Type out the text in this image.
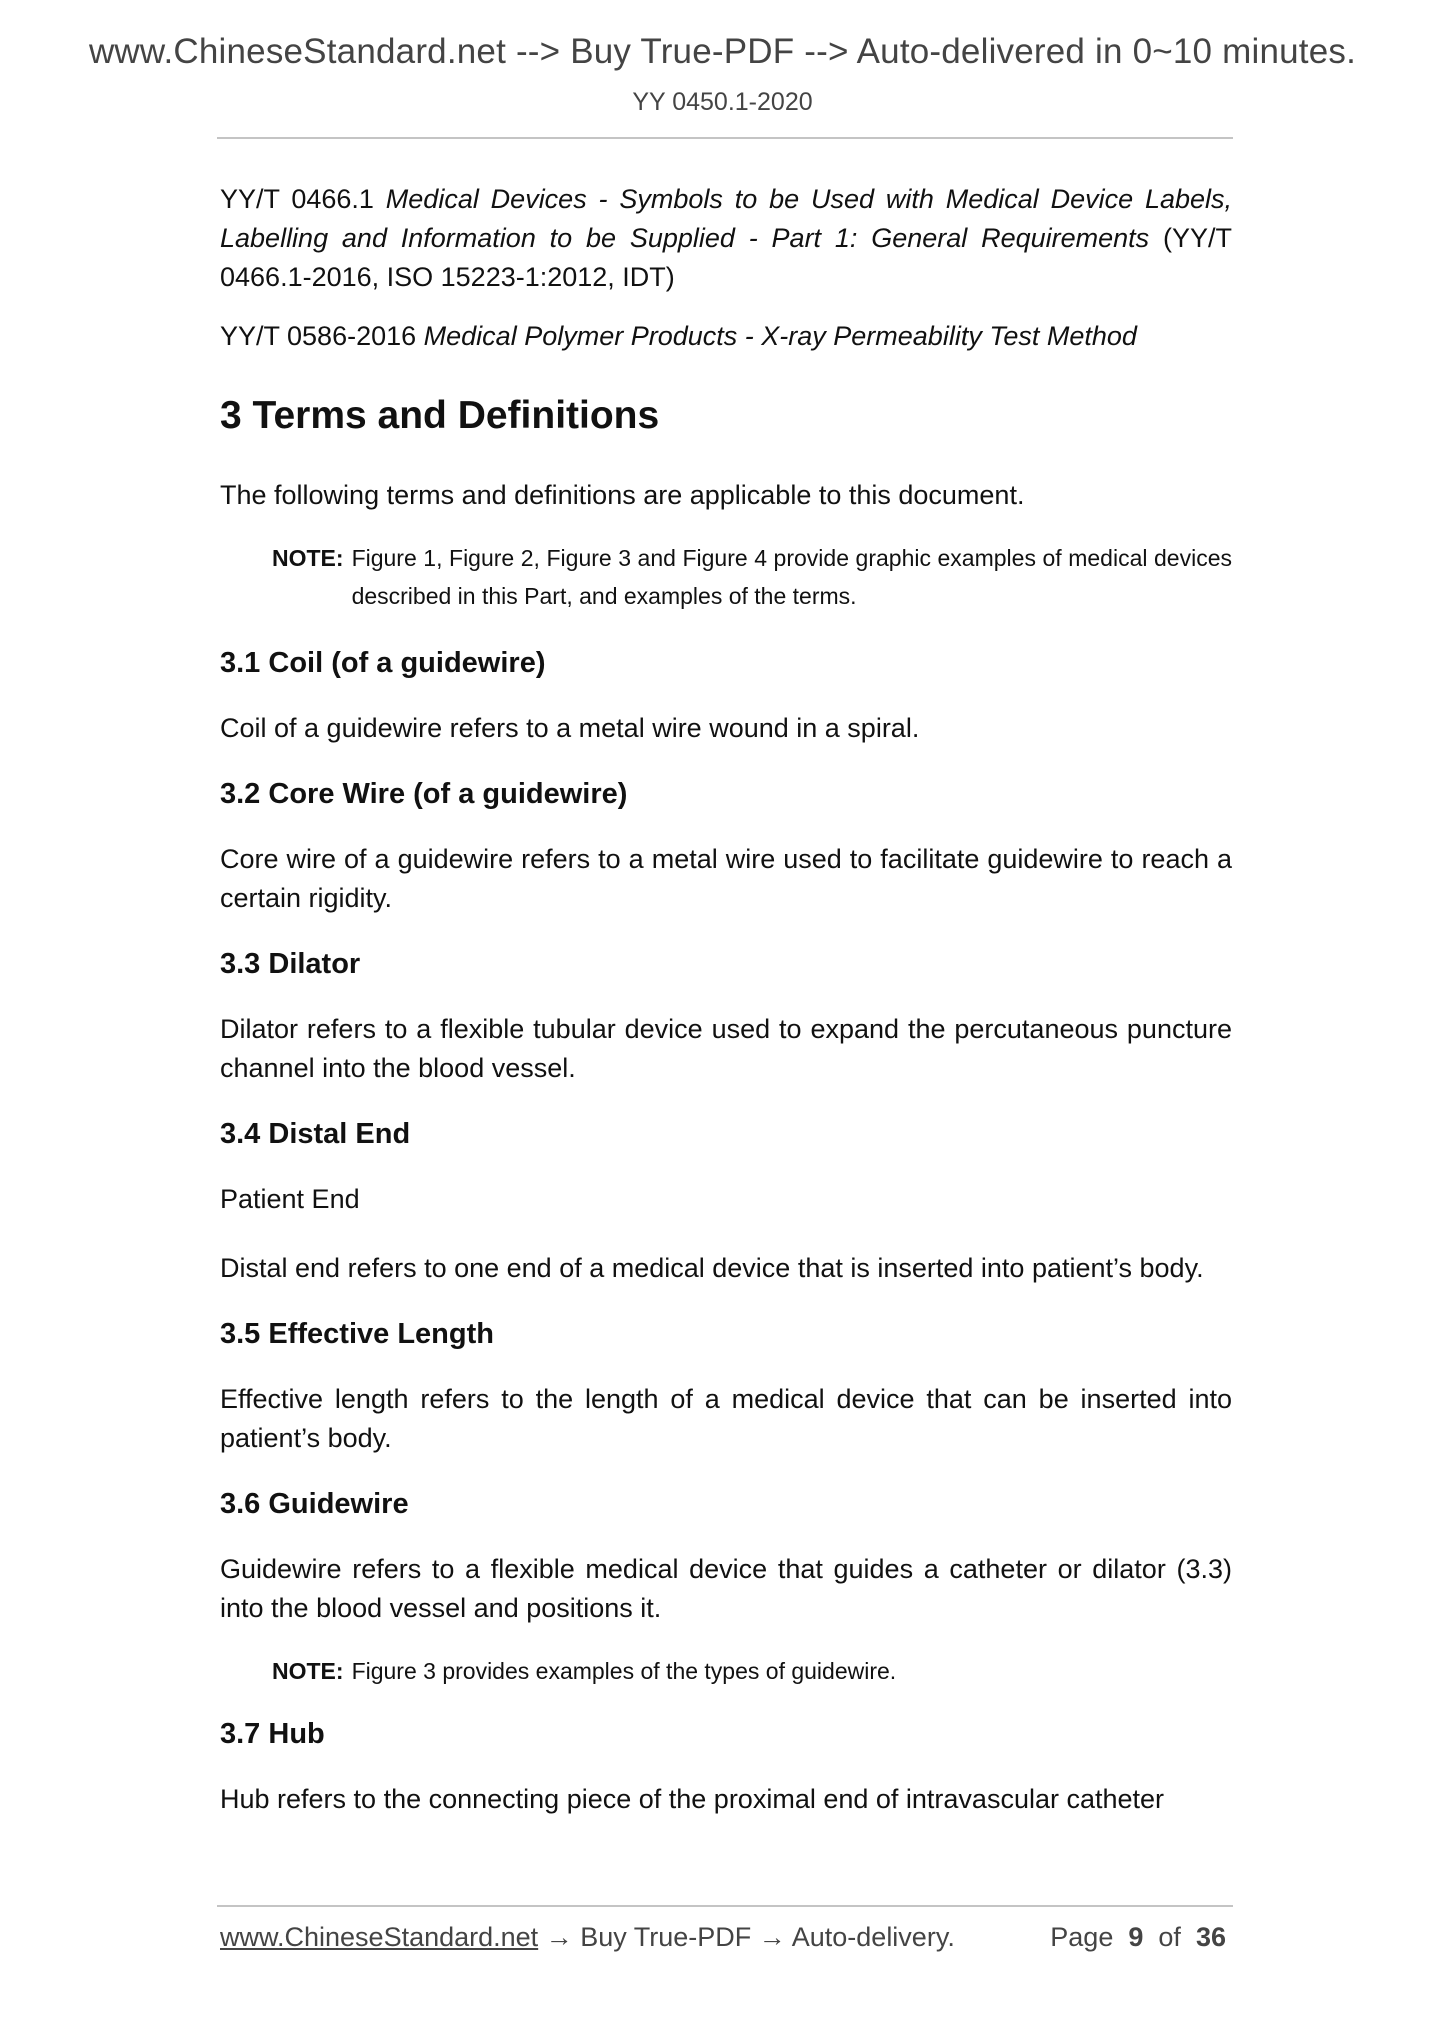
www.ChineseStandard.net --> Buy True-PDF --> Auto-delivered in 0~10 minutes.
YY 0450.1-2020

YY/T 0466.1 Medical Devices - Symbols to be Used with Medical Device Labels, Labelling and Information to be Supplied - Part 1: General Requirements (YY/T 0466.1-2016, ISO 15223-1:2012, IDT)

YY/T 0586-2016 Medical Polymer Products - X-ray Permeability Test Method

3 Terms and Definitions

The following terms and definitions are applicable to this document.

NOTE: Figure 1, Figure 2, Figure 3 and Figure 4 provide graphic examples of medical devices described in this Part, and examples of the terms.
3.1 Coil (of a guidewire)

Coil of a guidewire refers to a metal wire wound in a spiral.

3.2 Core Wire (of a guidewire)

Core wire of a guidewire refers to a metal wire used to facilitate guidewire to reach a certain rigidity.

3.3 Dilator

Dilator refers to a flexible tubular device used to expand the percutaneous puncture channel into the blood vessel.

3.4 Distal End

Patient End

Distal end refers to one end of a medical device that is inserted into patient’s body.

3.5 Effective Length

Effective length refers to the length of a medical device that can be inserted into patient’s body.

3.6 Guidewire

Guidewire refers to a flexible medical device that guides a catheter or dilator (3.3) into the blood vessel and positions it.

NOTE: Figure 3 provides examples of the types of guidewire.
3.7 Hub

Hub refers to the connecting piece of the proximal end of intravascular catheter

www.ChineseStandard.net → Buy True-PDF → Auto-delivery.	Page 9 of 36
